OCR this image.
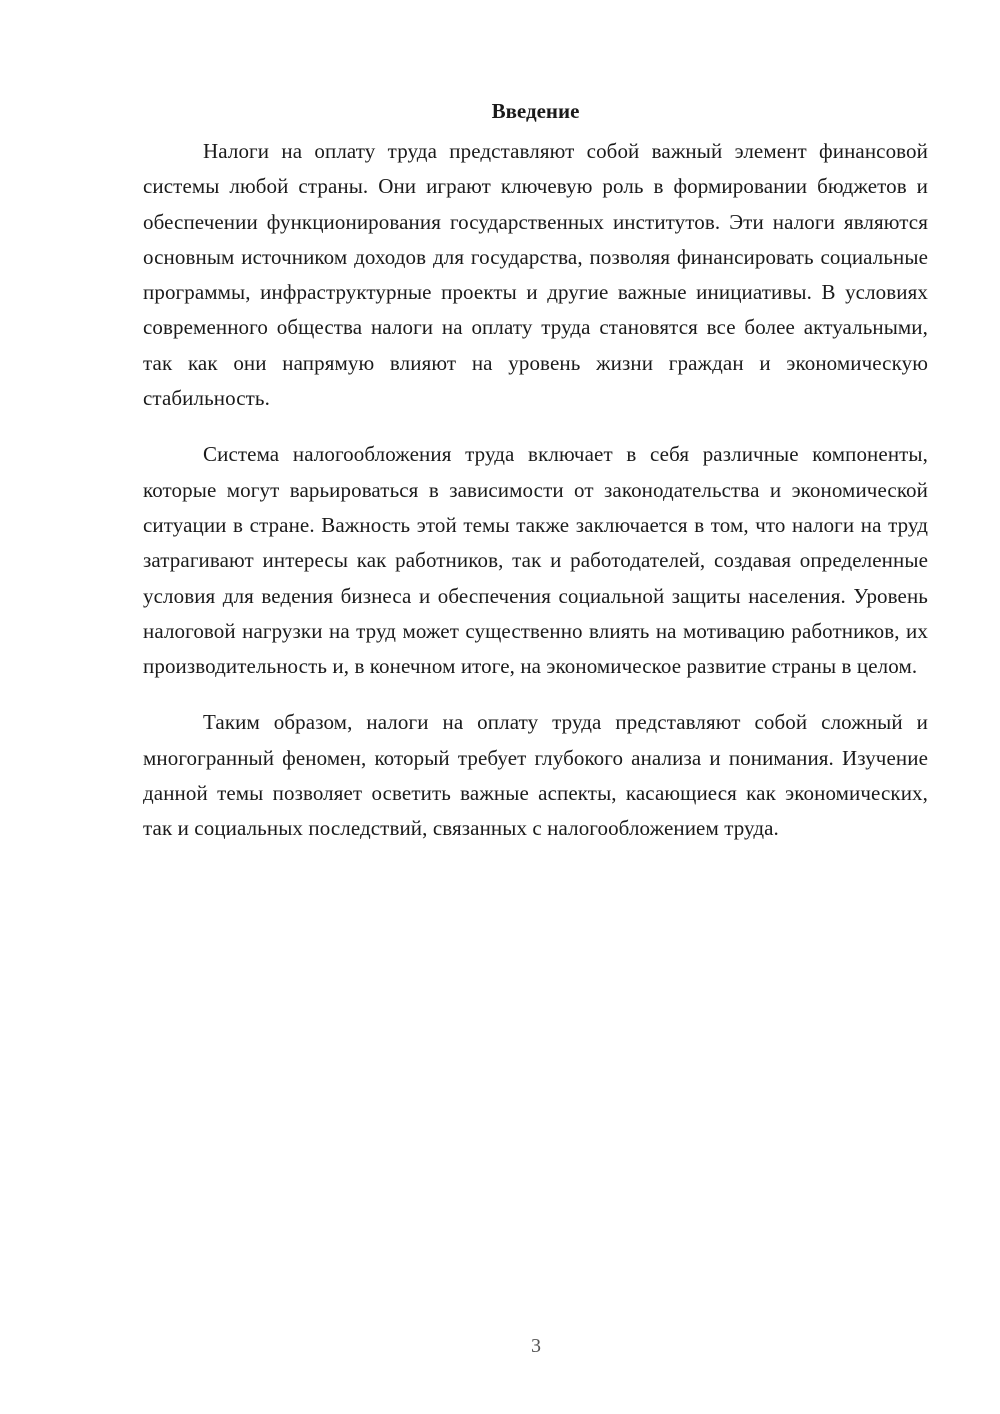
Введение

Налоги на оплату труда представляют собой важный элемент финансовой системы любой страны. Они играют ключевую роль в формировании бюджетов и обеспечении функционирования государственных институтов. Эти налоги являются основным источником доходов для государства, позволяя финансировать социальные программы, инфраструктурные проекты и другие важные инициативы. В условиях современного общества налоги на оплату труда становятся все более актуальными, так как они напрямую влияют на уровень жизни граждан и экономическую стабильность.

Система налогообложения труда включает в себя различные компоненты, которые могут варьироваться в зависимости от законодательства и экономической ситуации в стране. Важность этой темы также заключается в том, что налоги на труд затрагивают интересы как работников, так и работодателей, создавая определенные условия для ведения бизнеса и обеспечения социальной защиты населения. Уровень налоговой нагрузки на труд может существенно влиять на мотивацию работников, их производительность и, в конечном итоге, на экономическое развитие страны в целом.

Таким образом, налоги на оплату труда представляют собой сложный и многогранный феномен, который требует глубокого анализа и понимания. Изучение данной темы позволяет осветить важные аспекты, касающиеся как экономических, так и социальных последствий, связанных с налогообложением труда.

3
